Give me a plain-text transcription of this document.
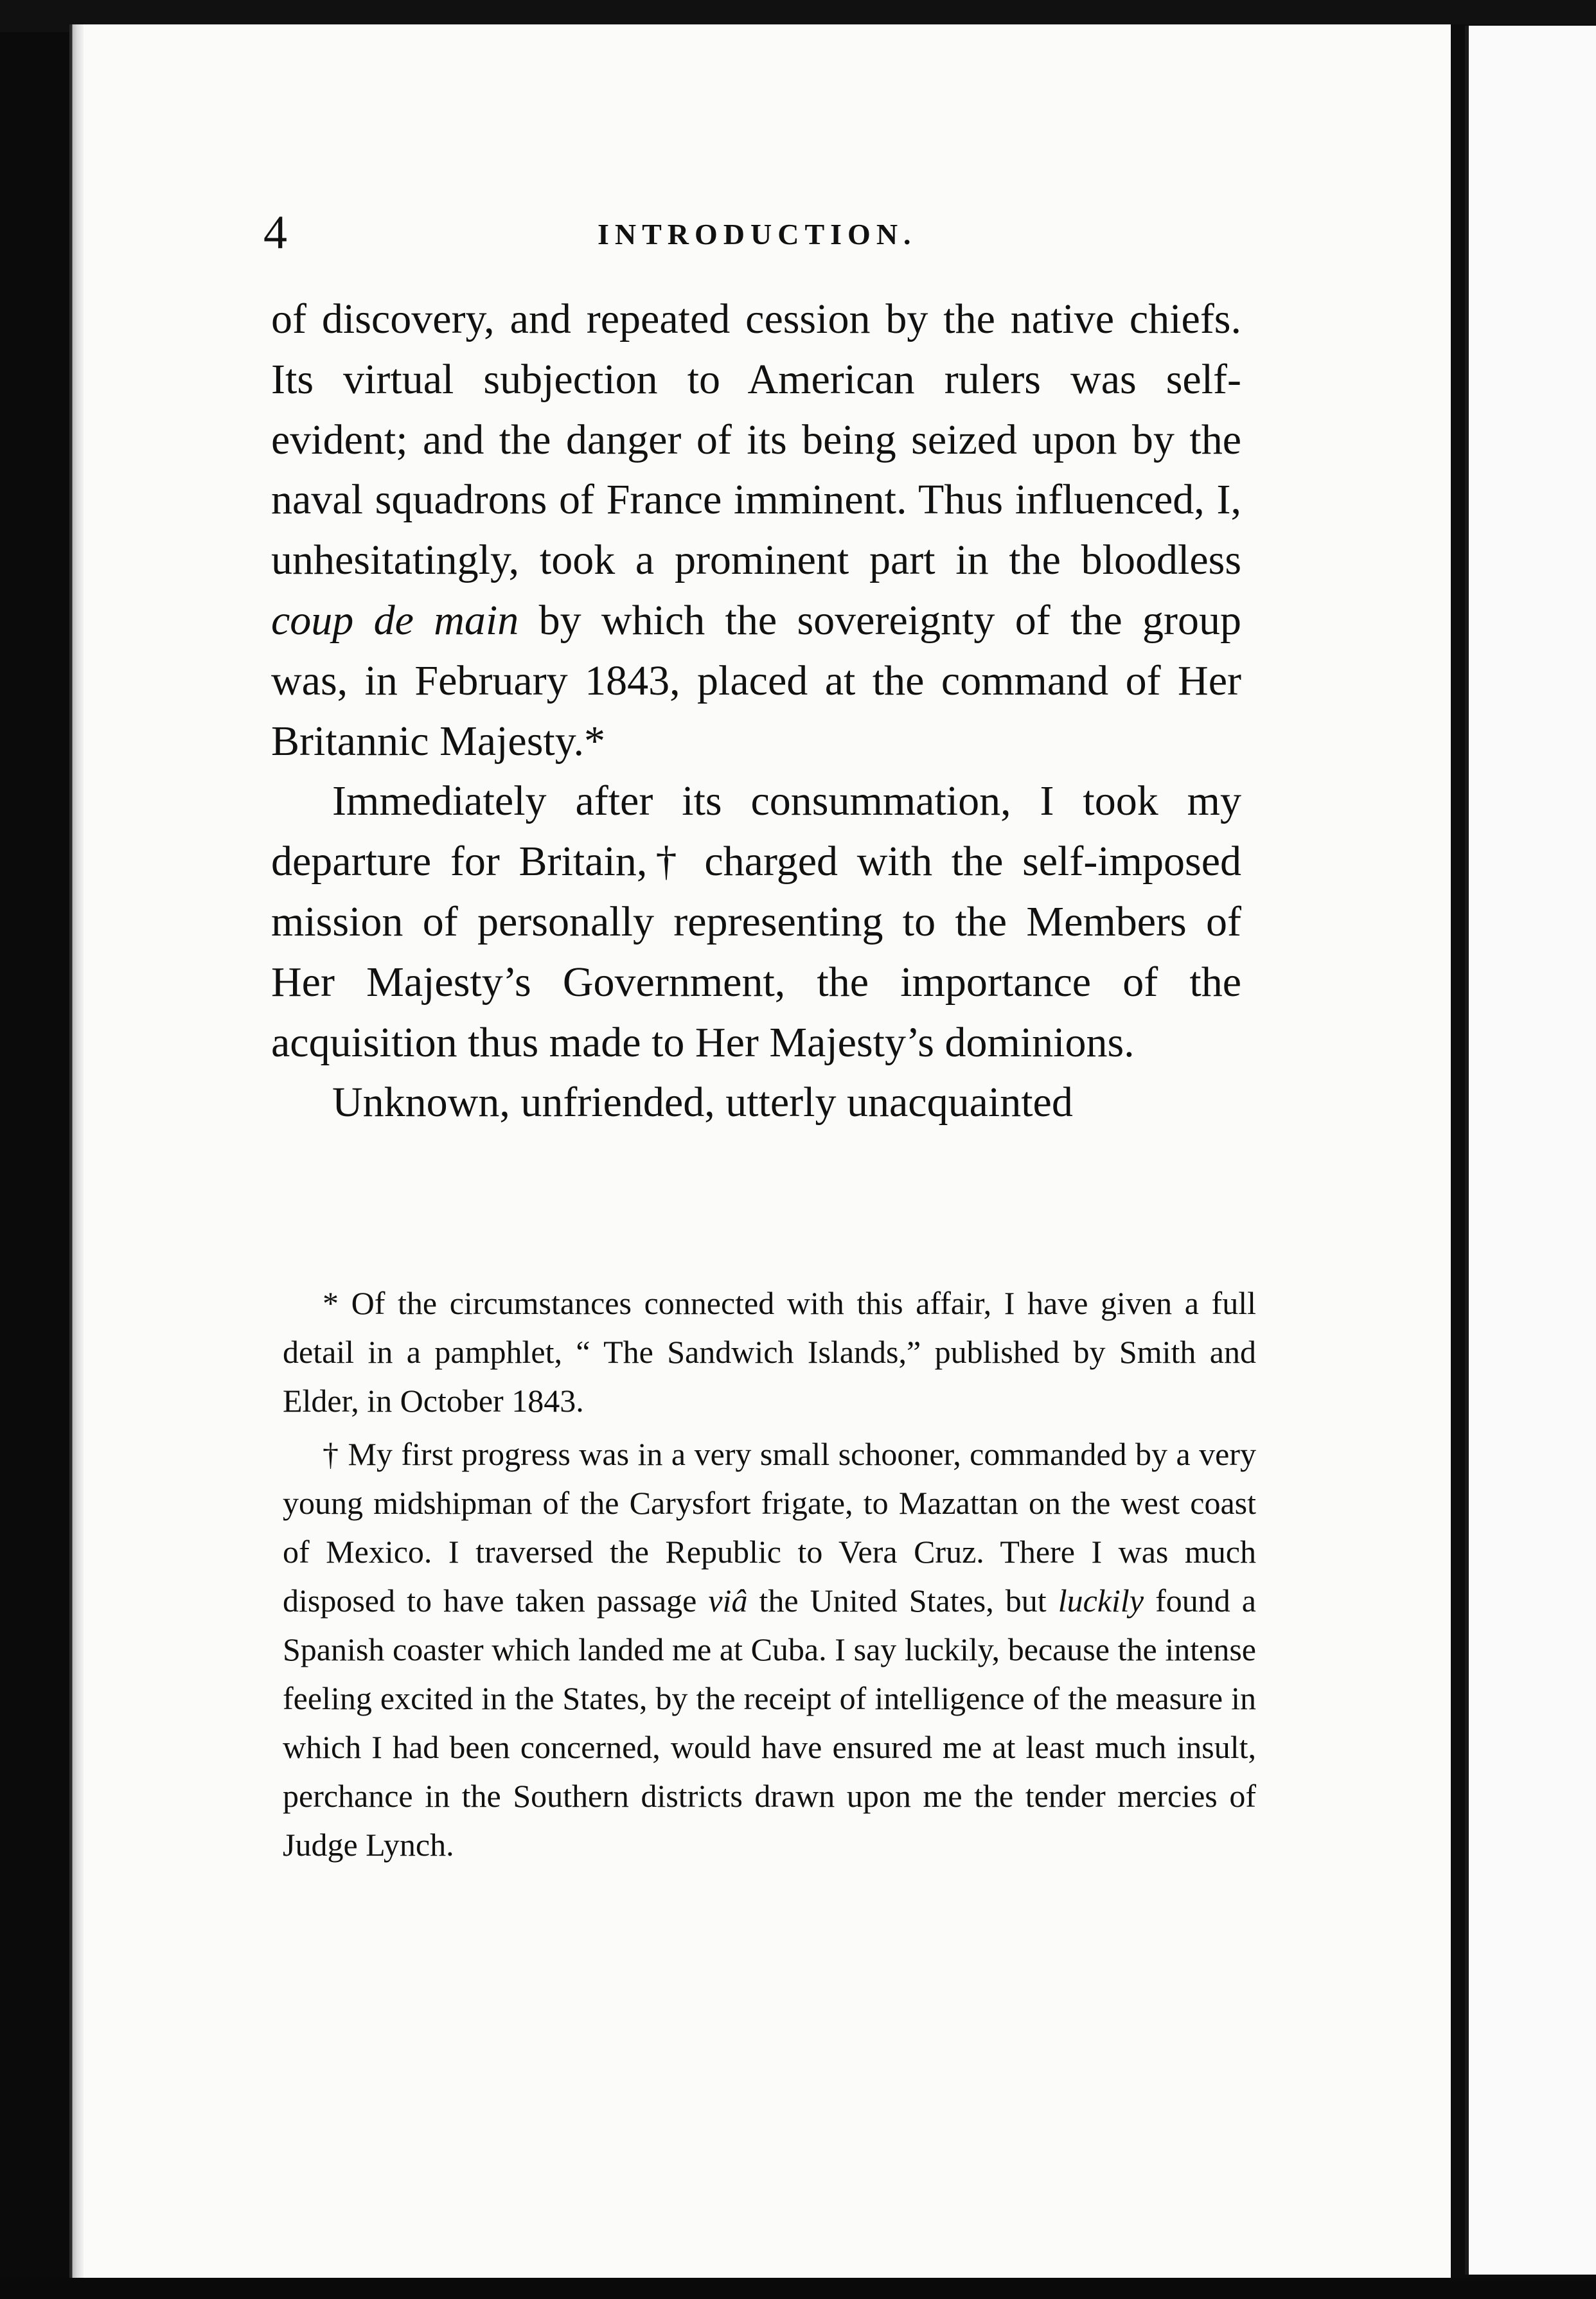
4	INTRODUCTION.

of discovery, and repeated cession by the native chiefs. Its virtual subjection to American rulers was self-evident; and the danger of its being seized upon by the naval squadrons of France imminent. Thus influenced, I, unhesitatingly, took a prominent part in the bloodless coup de main by which the sovereignty of the group was, in February 1843, placed at the command of Her Britannic Majesty.*

Immediately after its consummation, I took my departure for Britain,† charged with the self-imposed mission of personally representing to the Members of Her Majesty’s Government, the importance of the acquisition thus made to Her Majesty’s dominions.

Unknown, unfriended, utterly unacquainted

* Of the circumstances connected with this affair, I have given a full detail in a pamphlet, “ The Sandwich Islands,” published by Smith and Elder, in October 1843.

† My first progress was in a very small schooner, commanded by a very young midshipman of the Carysfort frigate, to Mazattan on the west coast of Mexico. I traversed the Republic to Vera Cruz. There I was much disposed to have taken passage viâ the United States, but luckily found a Spanish coaster which landed me at Cuba. I say luckily, because the intense feeling excited in the States, by the receipt of intelligence of the measure in which I had been concerned, would have ensured me at least much insult, perchance in the Southern districts drawn upon me the tender mercies of Judge Lynch.
